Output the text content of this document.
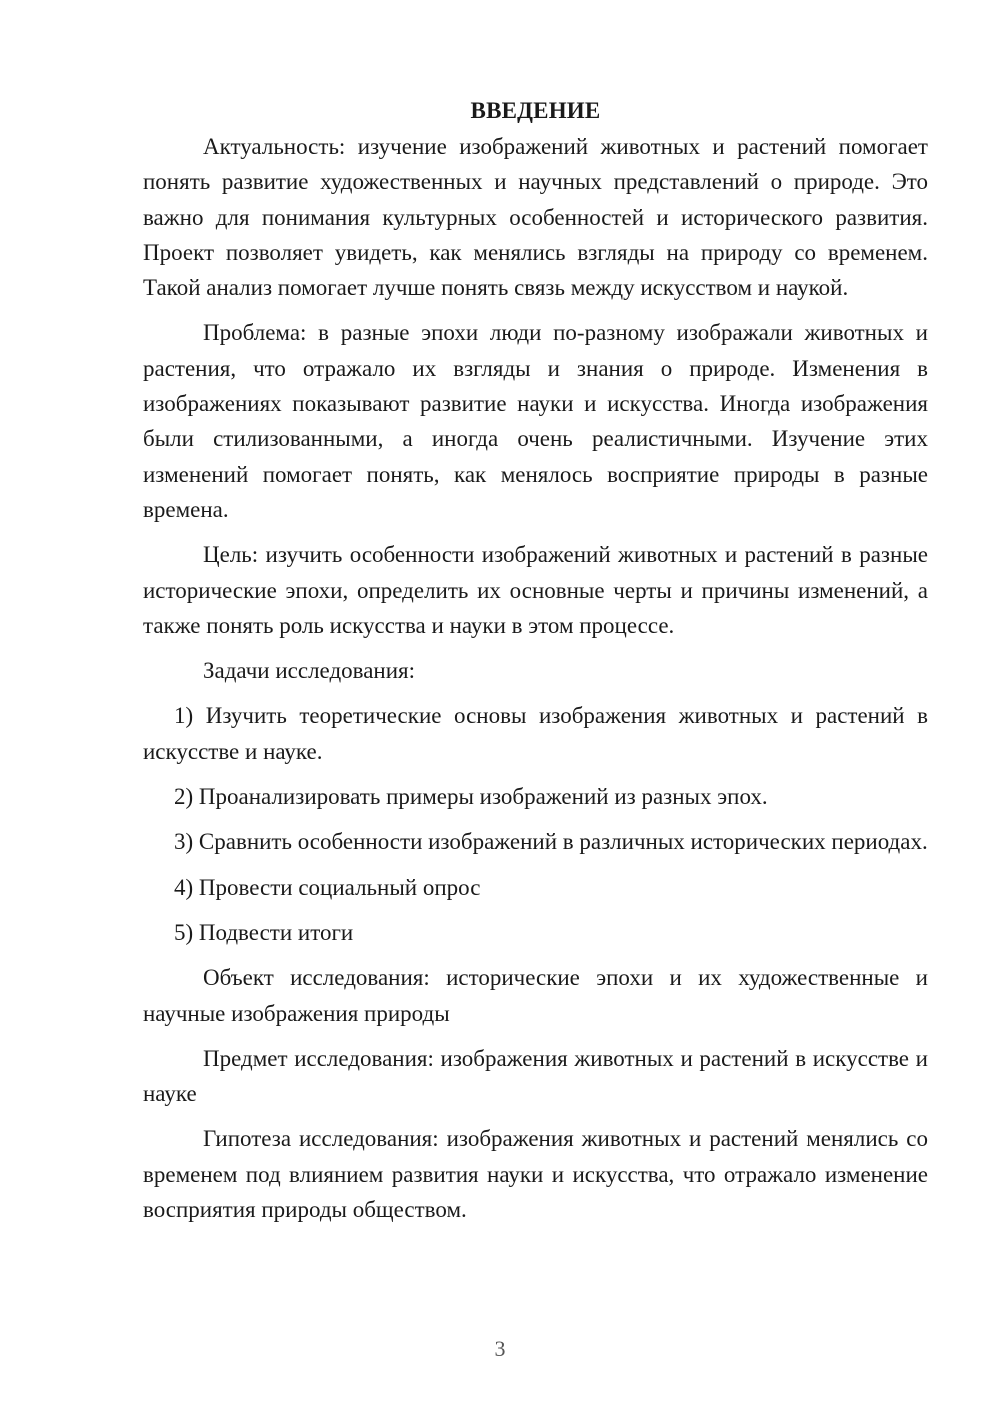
ВВЕДЕНИЕ

Актуальность: изучение изображений животных и растений помогает понять развитие художественных и научных представлений о природе. Это важно для понимания культурных особенностей и исторического развития. Проект позволяет увидеть, как менялись взгляды на природу со временем. Такой анализ помогает лучше понять связь между искусством и наукой.

Проблема: в разные эпохи люди по-разному изображали животных и растения, что отражало их взгляды и знания о природе. Изменения в изображениях показывают развитие науки и искусства. Иногда изображения были стилизованными, а иногда очень реалистичными. Изучение этих изменений помогает понять, как менялось восприятие природы в разные времена.

Цель: изучить особенности изображений животных и растений в разные исторические эпохи, определить их основные черты и причины изменений, а также понять роль искусства и науки в этом процессе.

Задачи исследования:

1) Изучить теоретические основы изображения животных и растений в искусстве и науке.

2) Проанализировать примеры изображений из разных эпох.

3) Сравнить особенности изображений в различных исторических периодах.

4) Провести социальный опрос

5) Подвести итоги

Объект исследования: исторические эпохи и их художественные и научные изображения природы

Предмет исследования: изображения животных и растений в искусстве и науке

Гипотеза исследования: изображения животных и растений менялись со временем под влиянием развития науки и искусства, что отражало изменение восприятия природы обществом.

3
